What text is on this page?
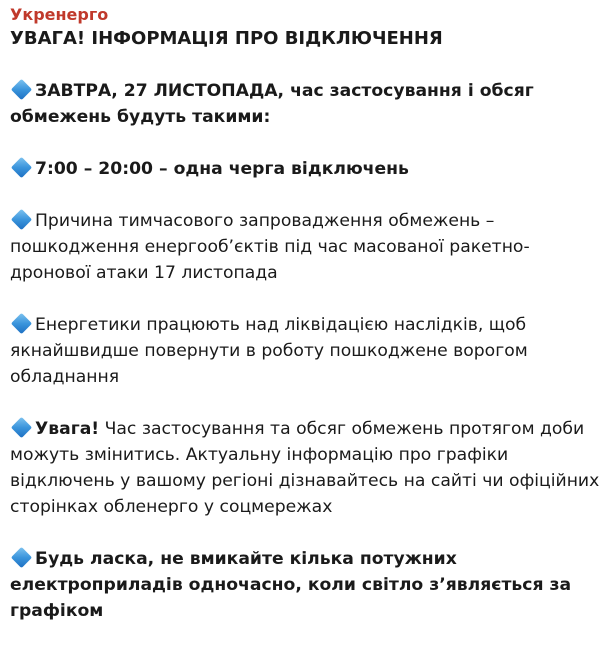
Укренерго
УВАГА! ІНФОРМАЦІЯ ПРО ВІДКЛЮЧЕННЯ
ЗАВТРА, 27 ЛИСТОПАДА, час застосування і обсяг обмежень будуть такими:
7:00 – 20:00 – одна черга відключень
Причина тимчасового запровадження обмежень – пошкодження енергооб’єктів під час масованої ракетно-дронової атаки 17 листопада
Енергетики працюють над ліквідацією наслідків, щоб якнайшвидше повернути в роботу пошкоджене ворогом обладнання
Увага! Час застосування та обсяг обмежень протягом доби можуть змінитись. Актуальну інформацію про графіки відключень у вашому регіоні дізнавайтесь на сайті чи офіційних сторінках обленерго у соцмережах
Будь ласка, не вмикайте кілька потужних електроприладів одночасно, коли світло з’являється за графіком
